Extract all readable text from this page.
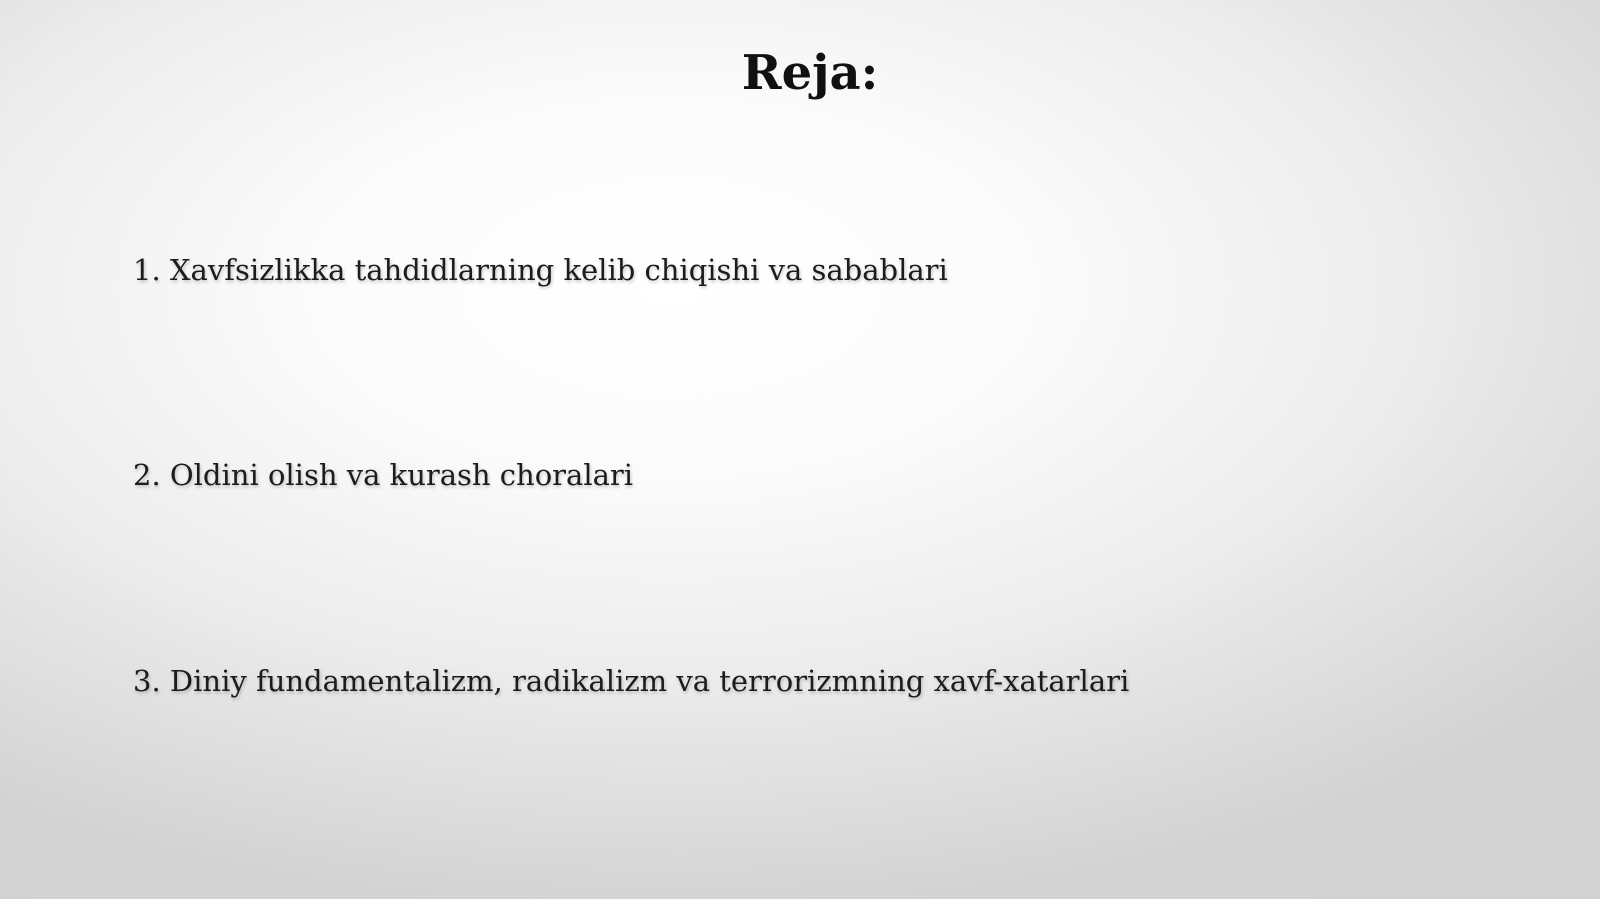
Reja:
1. Xavfsizlikka tahdidlarning kelib chiqishi va sabablari
2. Oldini olish va kurash choralari
3. Diniy fundamentalizm, radikalizm va terrorizmning xavf-xatarlari
